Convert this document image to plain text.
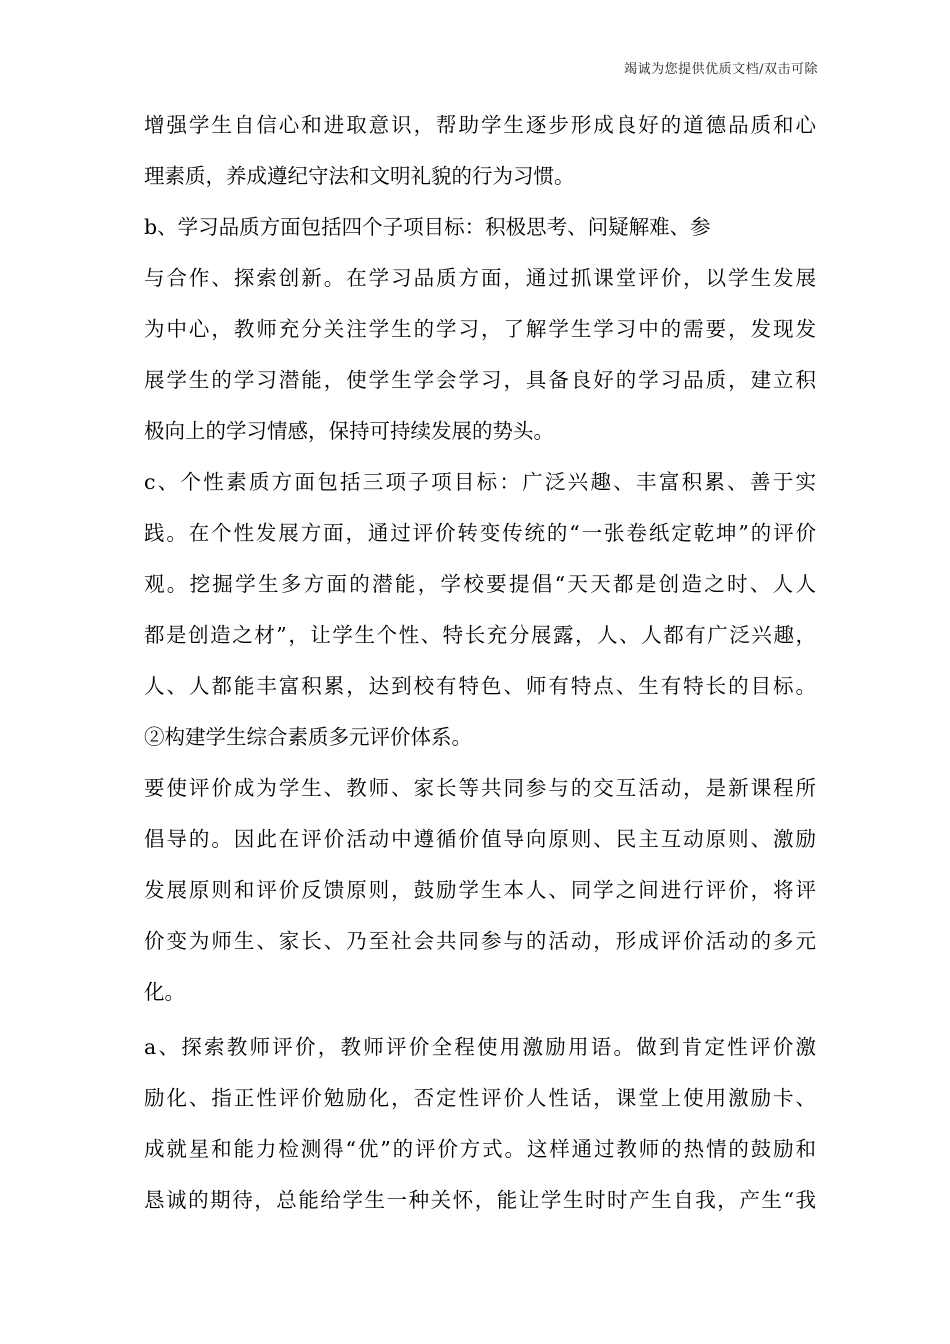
竭诚为您提供优质文档/双击可除
增强学生自信心和进取意识，帮助学生逐步形成良好的道德品质和心
理素质，养成遵纪守法和文明礼貌的行为习惯。
b、学习品质方面包括四个子项目标：积极思考、问疑解难、参
与合作、探索创新。在学习品质方面，通过抓课堂评价，以学生发展
为中心，教师充分关注学生的学习，了解学生学习中的需要，发现发
展学生的学习潜能，使学生学会学习，具备良好的学习品质，建立积
极向上的学习情感，保持可持续发展的势头。
c、个性素质方面包括三项子项目标：广泛兴趣、丰富积累、善于实
践。在个性发展方面，通过评价转变传统的“一张卷纸定乾坤”的评价
观。挖掘学生多方面的潜能，学校要提倡“天天都是创造之时、人人
都是创造之材”，让学生个性、特长充分展露，人、人都有广泛兴趣，
人、人都能丰富积累，达到校有特色、师有特点、生有特长的目标。
②构建学生综合素质多元评价体系。
要使评价成为学生、教师、家长等共同参与的交互活动，是新课程所
倡导的。因此在评价活动中遵循价值导向原则、民主互动原则、激励
发展原则和评价反馈原则，鼓励学生本人、同学之间进行评价，将评
价变为师生、家长、乃至社会共同参与的活动，形成评价活动的多元
化。
a、探索教师评价，教师评价全程使用激励用语。做到肯定性评价激
励化、指正性评价勉励化，否定性评价人性话，课堂上使用激励卡、
成就星和能力检测得“优”的评价方式。这样通过教师的热情的鼓励和
恳诚的期待，总能给学生一种关怀，能让学生时时产生自我，产生“我
